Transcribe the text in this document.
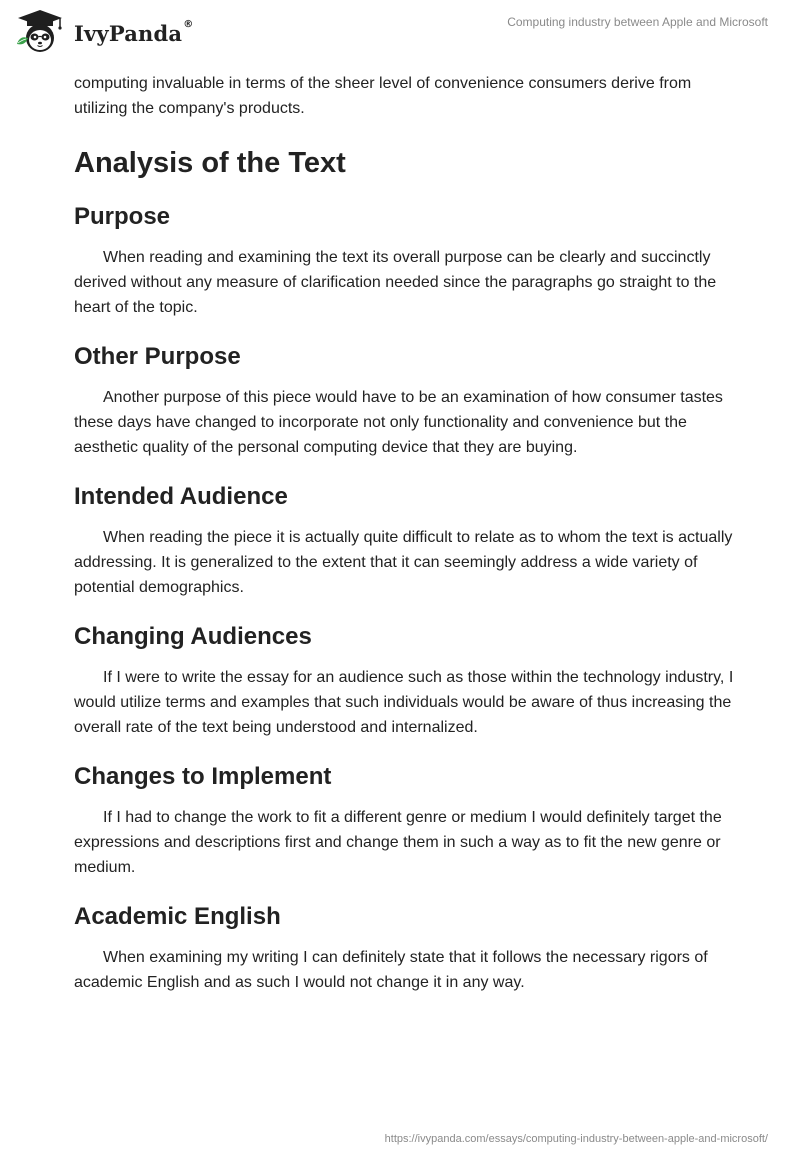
IvyPanda®	Computing industry between Apple and Microsoft

computing invaluable in terms of the sheer level of convenience consumers derive from utilizing the company's products.

Analysis of the Text
Purpose

When reading and examining the text its overall purpose can be clearly and succinctly derived without any measure of clarification needed since the paragraphs go straight to the heart of the topic.

Other Purpose

Another purpose of this piece would have to be an examination of how consumer tastes these days have changed to incorporate not only functionality and convenience but the aesthetic quality of the personal computing device that they are buying.

Intended Audience

When reading the piece it is actually quite difficult to relate as to whom the text is actually addressing. It is generalized to the extent that it can seemingly address a wide variety of potential demographics.

Changing Audiences

If I were to write the essay for an audience such as those within the technology industry, I would utilize terms and examples that such individuals would be aware of thus increasing the overall rate of the text being understood and internalized.

Changes to Implement

If I had to change the work to fit a different genre or medium I would definitely target the expressions and descriptions first and change them in such a way as to fit the new genre or medium.

Academic English

When examining my writing I can definitely state that it follows the necessary rigors of academic English and as such I would not change it in any way.

https://ivypanda.com/essays/computing-industry-between-apple-and-microsoft/
